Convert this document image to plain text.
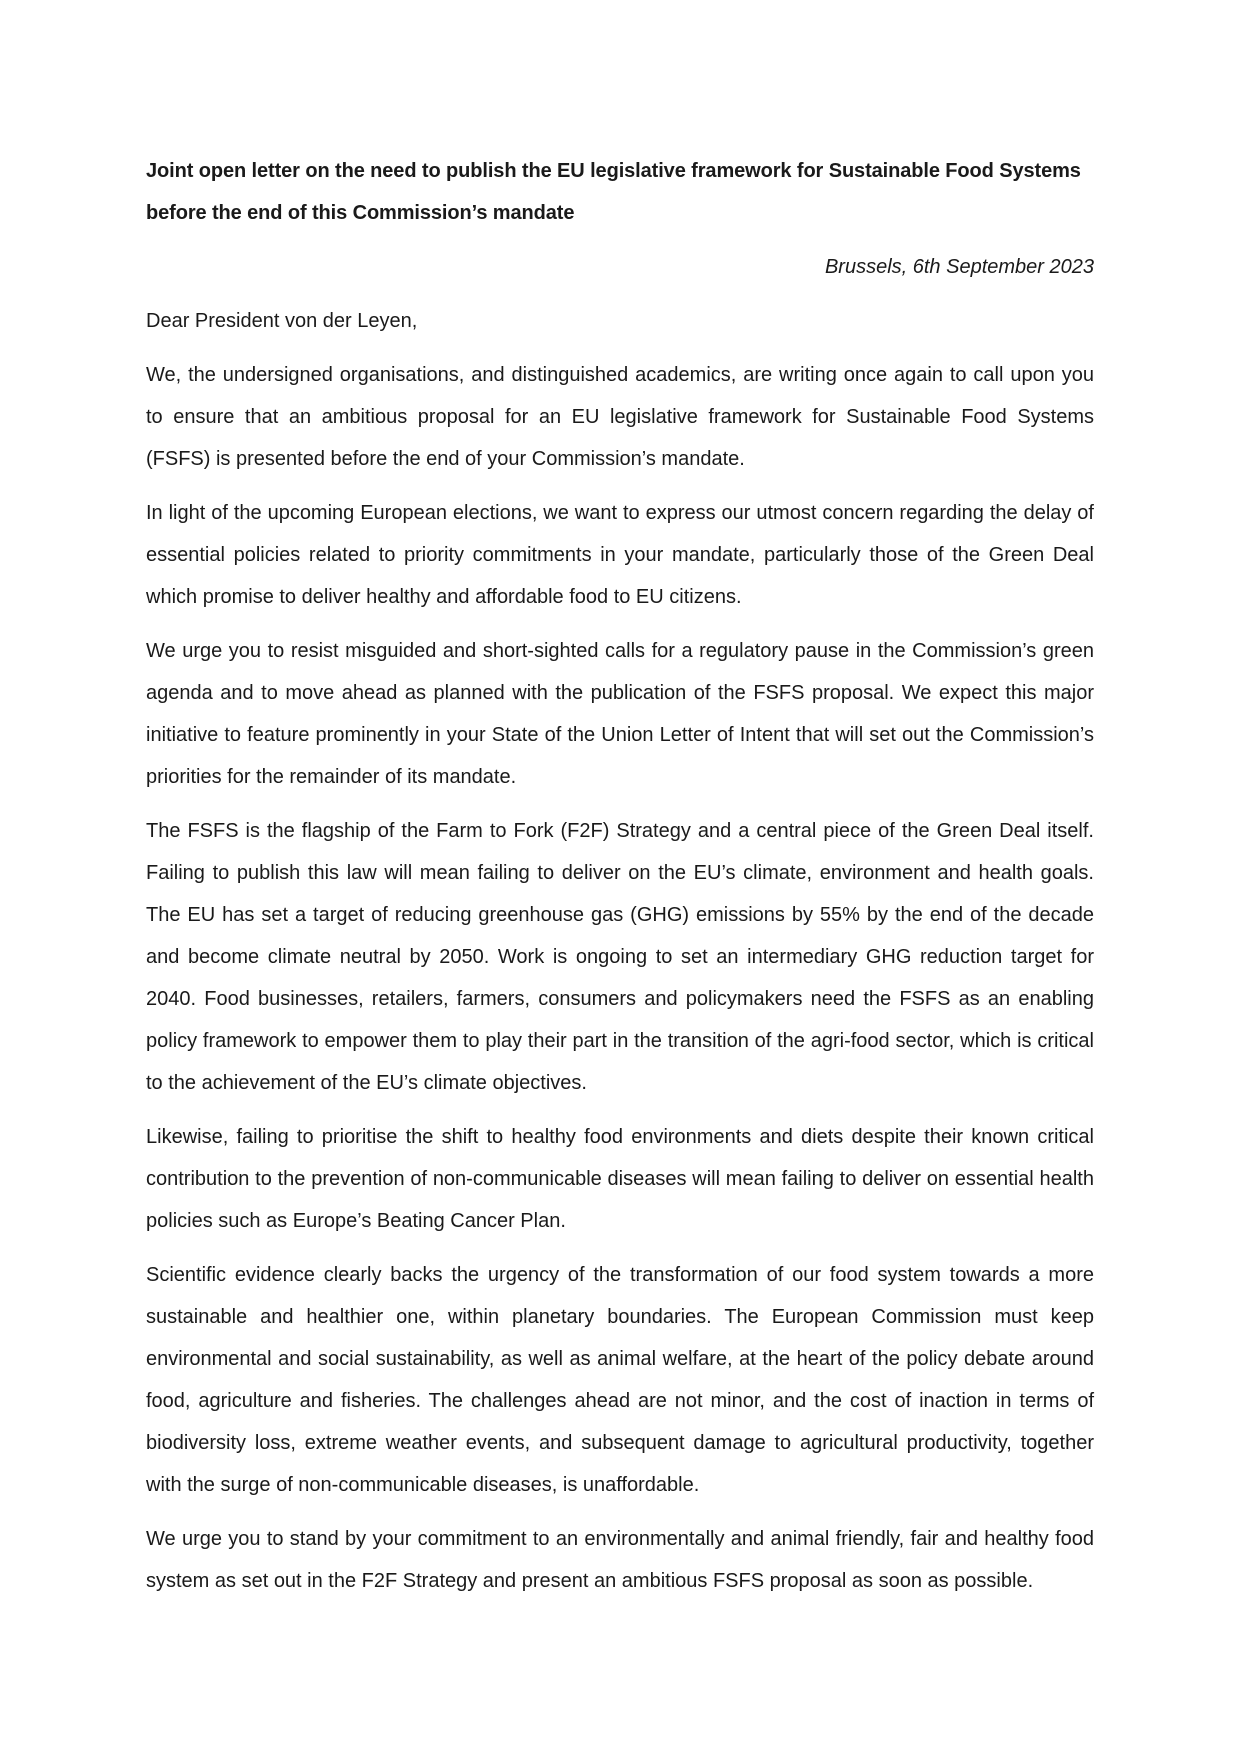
Joint open letter on the need to publish the EU legislative framework for Sustainable Food Systems before the end of this Commission’s mandate

Brussels, 6th September 2023

Dear President von der Leyen,

We, the undersigned organisations, and distinguished academics, are writing once again to call upon you to ensure that an ambitious proposal for an EU legislative framework for Sustainable Food Systems (FSFS) is presented before the end of your Commission’s mandate.

In light of the upcoming European elections, we want to express our utmost concern regarding the delay of essential policies related to priority commitments in your mandate, particularly those of the Green Deal which promise to deliver healthy and affordable food to EU citizens.

We urge you to resist misguided and short-sighted calls for a regulatory pause in the Commission’s green agenda and to move ahead as planned with the publication of the FSFS proposal. We expect this major initiative to feature prominently in your State of the Union Letter of Intent that will set out the Commission’s priorities for the remainder of its mandate.

The FSFS is the flagship of the Farm to Fork (F2F) Strategy and a central piece of the Green Deal itself. Failing to publish this law will mean failing to deliver on the EU’s climate, environment and health goals. The EU has set a target of reducing greenhouse gas (GHG) emissions by 55% by the end of the decade and become climate neutral by 2050. Work is ongoing to set an intermediary GHG reduction target for 2040. Food businesses, retailers, farmers, consumers and policymakers need the FSFS as an enabling policy framework to empower them to play their part in the transition of the agri-food sector, which is critical to the achievement of the EU’s climate objectives.

Likewise, failing to prioritise the shift to healthy food environments and diets despite their known critical contribution to the prevention of non-communicable diseases will mean failing to deliver on essential health policies such as Europe’s Beating Cancer Plan.

Scientific evidence clearly backs the urgency of the transformation of our food system towards a more sustainable and healthier one, within planetary boundaries. The European Commission must keep environmental and social sustainability, as well as animal welfare, at the heart of the policy debate around food, agriculture and fisheries. The challenges ahead are not minor, and the cost of inaction in terms of biodiversity loss, extreme weather events, and subsequent damage to agricultural productivity, together with the surge of non-communicable diseases, is unaffordable.

We urge you to stand by your commitment to an environmentally and animal friendly, fair and healthy food system as set out in the F2F Strategy and present an ambitious FSFS proposal as soon as possible.
